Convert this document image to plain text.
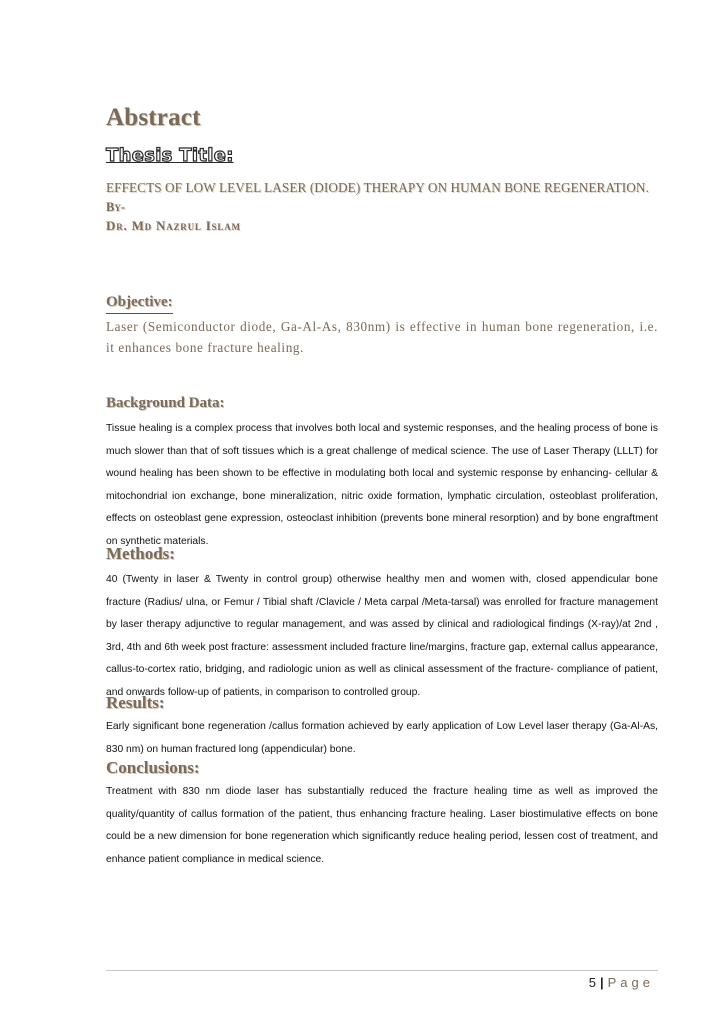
Abstract
Thesis Title:
EFFECTS OF LOW LEVEL LASER (DIODE) THERAPY ON HUMAN BONE REGENERATION.
By-
Dr. Md Nazrul Islam
Objective:
Laser (Semiconductor diode, Ga-Al-As, 830nm) is effective in human bone regeneration, i.e. it enhances bone fracture healing.
Background Data:
Tissue healing is a complex process that involves both local and systemic responses, and the healing process of bone is much slower than that of soft tissues which is a great challenge of medical science. The use of Laser Therapy (LLLT) for wound healing has been shown to be effective in modulating both local and systemic response by enhancing- cellular & mitochondrial ion exchange, bone mineralization, nitric oxide formation, lymphatic circulation, osteoblast proliferation, effects on osteoblast gene expression, osteoclast inhibition (prevents bone mineral resorption) and by bone engraftment on synthetic materials.
Methods:
40 (Twenty in laser & Twenty in control group) otherwise healthy men and women with, closed appendicular bone fracture (Radius/ ulna, or Femur / Tibial shaft /Clavicle / Meta carpal /Meta-tarsal) was enrolled for fracture management by laser therapy adjunctive to regular management, and was assed by clinical and radiological findings (X-ray)/at 2nd , 3rd, 4th and 6th week post fracture: assessment included fracture line/margins, fracture gap, external callus appearance, callus-to-cortex ratio, bridging, and radiologic union as well as clinical assessment of the fracture- compliance of patient, and onwards follow-up of patients, in comparison to controlled group.
Results:
Early significant bone regeneration /callus formation achieved by early application of Low Level laser therapy (Ga-Al-As, 830 nm) on human fractured long (appendicular) bone.
Conclusions:
Treatment with 830 nm diode laser has substantially reduced the fracture healing time as well as improved the quality/quantity of callus formation of the patient, thus enhancing fracture healing. Laser biostimulative effects on bone could be a new dimension for bone regeneration which significantly reduce healing period, lessen cost of treatment, and enhance patient compliance in medical science.
5 | Page
